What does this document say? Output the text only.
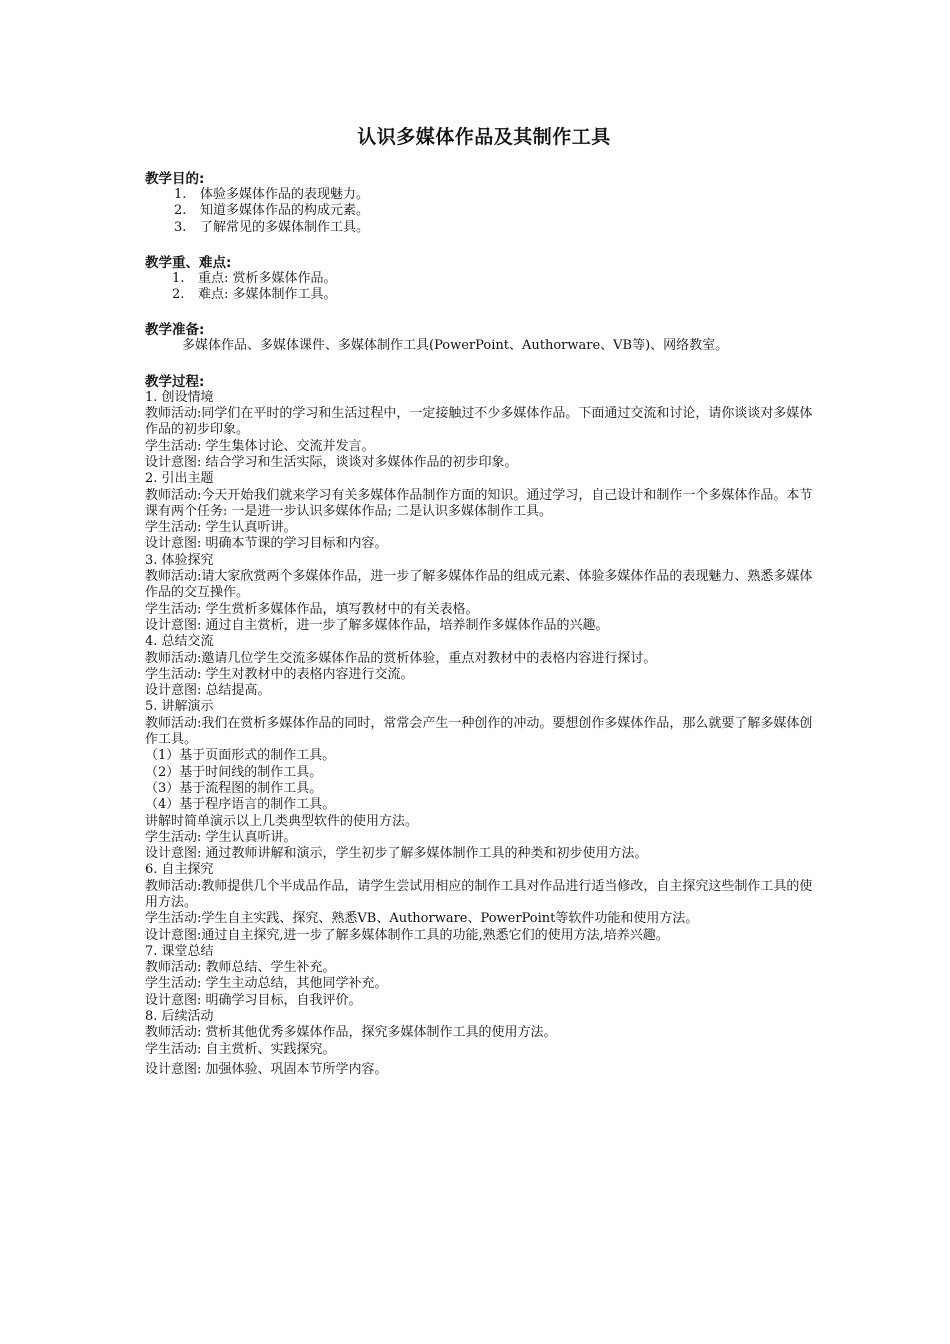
认识多媒体作品及其制作工具
教学目的:
1. 体验多媒体作品的表现魅力。
2. 知道多媒体作品的构成元素。
3. 了解常见的多媒体制作工具。
教学重、难点:
1. 重点: 赏析多媒体作品。
2. 难点: 多媒体制作工具。
教学准备:
多媒体作品、多媒体课件、多媒体制作工具(PowerPoint、Authorware、VB等)、网络教室。
教学过程:
1. 创设情境
教师活动:同学们在平时的学习和生活过程中，一定接触过不少多媒体作品。下面通过交流和讨论，请你谈谈对多媒体作品的初步印象。
学生活动: 学生集体讨论、交流并发言。
设计意图: 结合学习和生活实际，谈谈对多媒体作品的初步印象。
2. 引出主题
教师活动:今天开始我们就来学习有关多媒体作品制作方面的知识。通过学习，自己设计和制作一个多媒体作品。本节课有两个任务: 一是进一步认识多媒体作品; 二是认识多媒体制作工具。
学生活动: 学生认真听讲。
设计意图: 明确本节课的学习目标和内容。
3. 体验探究
教师活动:请大家欣赏两个多媒体作品，进一步了解多媒体作品的组成元素、体验多媒体作品的表现魅力、熟悉多媒体作品的交互操作。
学生活动: 学生赏析多媒体作品，填写教材中的有关表格。
设计意图: 通过自主赏析，进一步了解多媒体作品，培养制作多媒体作品的兴趣。
4. 总结交流
教师活动:邀请几位学生交流多媒体作品的赏析体验，重点对教材中的表格内容进行探讨。
学生活动: 学生对教材中的表格内容进行交流。
设计意图: 总结提高。
5. 讲解演示
教师活动:我们在赏析多媒体作品的同时，常常会产生一种创作的冲动。要想创作多媒体作品，那么就要了解多媒体创作工具。
（1）基于页面形式的制作工具。
（2）基于时间线的制作工具。
（3）基于流程图的制作工具。
（4）基于程序语言的制作工具。
讲解时简单演示以上几类典型软件的使用方法。
学生活动: 学生认真听讲。
设计意图: 通过教师讲解和演示，学生初步了解多媒体制作工具的种类和初步使用方法。
6. 自主探究
教师活动:教师提供几个半成品作品，请学生尝试用相应的制作工具对作品进行适当修改，自主探究这些制作工具的使用方法。
学生活动:学生自主实践、探究、熟悉VB、Authorware、PowerPoint等软件功能和使用方法。
设计意图:通过自主探究,进一步了解多媒体制作工具的功能,熟悉它们的使用方法,培养兴趣。
7. 课堂总结
教师活动: 教师总结、学生补充。
学生活动: 学生主动总结，其他同学补充。
设计意图: 明确学习目标，自我评价。
8. 后续活动
教师活动: 赏析其他优秀多媒体作品，探究多媒体制作工具的使用方法。
学生活动: 自主赏析、实践探究。
设计意图: 加强体验、巩固本节所学内容。
